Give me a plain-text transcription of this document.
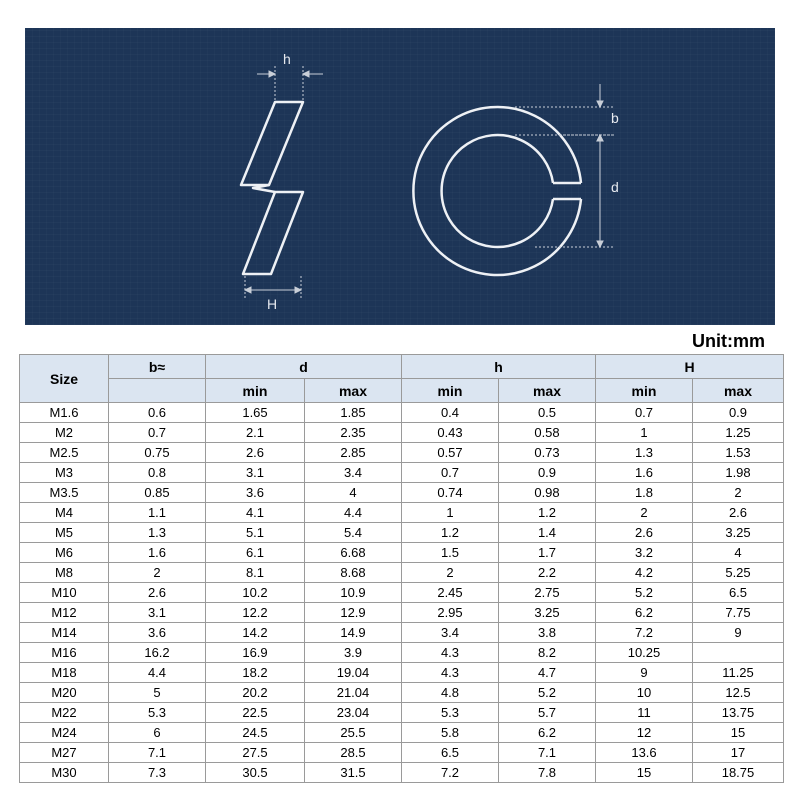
h
H
b
d
Unit:mm
Size	b≈	d		h		H	
		min	max	min	max	min	max
M1.6	0.6	1.65	1.85	0.4	0.5	0.7	0.9
M2	0.7	2.1	2.35	0.43	0.58	1	1.25
M2.5	0.75	2.6	2.85	0.57	0.73	1.3	1.53
M3	0.8	3.1	3.4	0.7	0.9	1.6	1.98
M3.5	0.85	3.6	4	0.74	0.98	1.8	2
M4	1.1	4.1	4.4	1	1.2	2	2.6
M5	1.3	5.1	5.4	1.2	1.4	2.6	3.25
M6	1.6	6.1	6.68	1.5	1.7	3.2	4
M8	2	8.1	8.68	2	2.2	4.2	5.25
M10	2.6	10.2	10.9	2.45	2.75	5.2	6.5
M12	3.1	12.2	12.9	2.95	3.25	6.2	7.75
M14	3.6	14.2	14.9	3.4	3.8	7.2	9
M16	16.2	16.9	3.9	4.3	8.2	10.25	
M18	4.4	18.2	19.04	4.3	4.7	9	11.25
M20	5	20.2	21.04	4.8	5.2	10	12.5
M22	5.3	22.5	23.04	5.3	5.7	11	13.75
M24	6	24.5	25.5	5.8	6.2	12	15
M27	7.1	27.5	28.5	6.5	7.1	13.6	17
M30	7.3	30.5	31.5	7.2	7.8	15	18.75
